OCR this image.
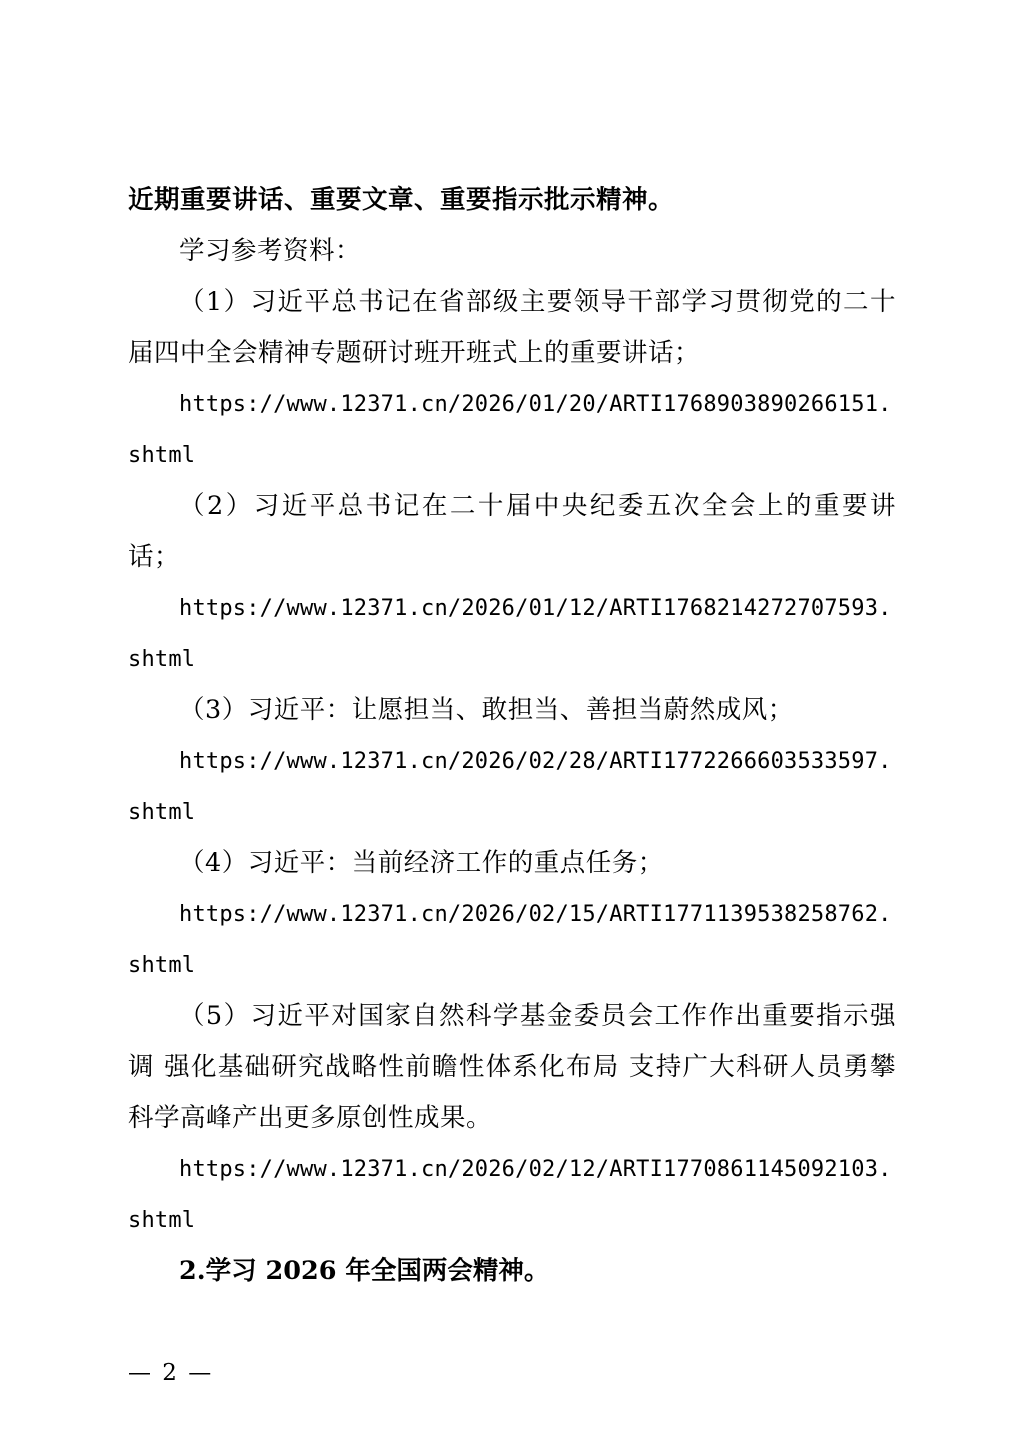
近期重要讲话、重要文章、重要指示批示精神。

学习参考资料：

（1）习近平总书记在省部级主要领导干部学习贯彻党的二十届四中全会精神专题研讨班开班式上的重要讲话；

https://www.12371.cn/2026/01/20/ARTI1768903890266151.shtml

（2）习近平总书记在二十届中央纪委五次全会上的重要讲话；

https://www.12371.cn/2026/01/12/ARTI1768214272707593.shtml

（3）习近平：让愿担当、敢担当、善担当蔚然成风；

https://www.12371.cn/2026/02/28/ARTI1772266603533597.shtml

（4）习近平：当前经济工作的重点任务；

https://www.12371.cn/2026/02/15/ARTI1771139538258762.shtml

（5）习近平对国家自然科学基金委员会工作作出重要指示强调 强化基础研究战略性前瞻性体系化布局 支持广大科研人员勇攀科学高峰产出更多原创性成果。

https://www.12371.cn/2026/02/12/ARTI1770861145092103.shtml

2.学习 2026 年全国两会精神。

— 2 —
